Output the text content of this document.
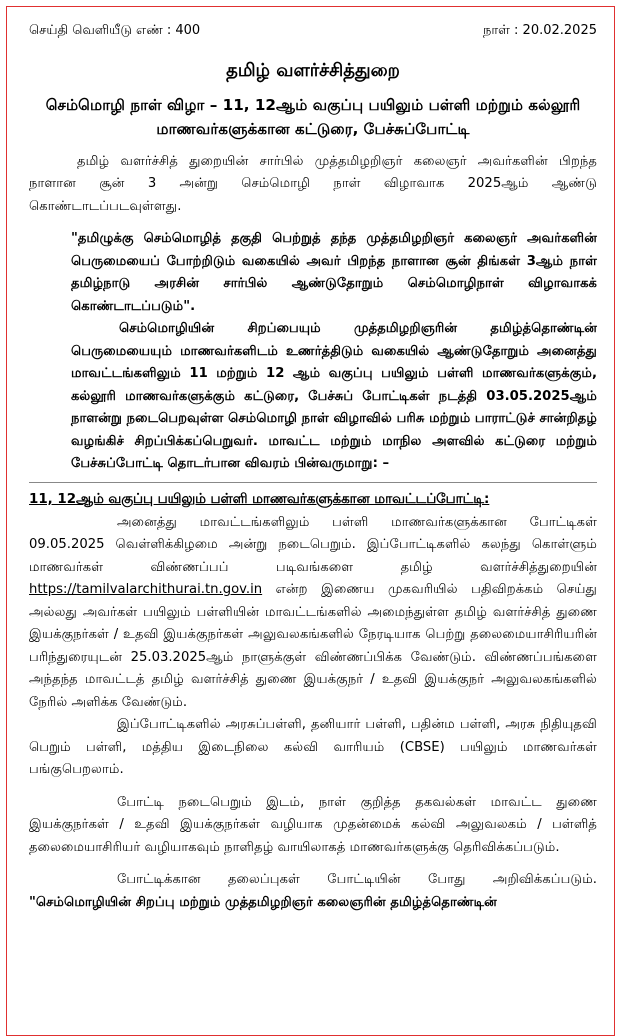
செய்தி வெளியீடு எண் : 400	நாள் : 20.02.2025
தமிழ் வளர்ச்சித்துறை
செம்மொழி நாள் விழா – 11, 12ஆம் வகுப்பு பயிலும் பள்ளி மற்றும் கல்லூரி மாணவர்களுக்கான கட்டுரை, பேச்சுப்போட்டி

தமிழ் வளர்ச்சித் துறையின் சார்பில் முத்தமிழறிஞர் கலைஞர் அவர்களின் பிறந்த நாளான சூன் 3 அன்று செம்மொழி நாள் விழாவாக 2025ஆம் ஆண்டு கொண்டாடப்படவுள்ளது.

"தமிழுக்கு செம்மொழித் தகுதி பெற்றுத் தந்த முத்தமிழறிஞர் கலைஞர் அவர்களின் பெருமையைப் போற்றிடும் வகையில் அவர் பிறந்த நாளான சூன் திங்கள் 3ஆம் நாள் தமிழ்நாடு அரசின் சார்பில் ஆண்டுதோறும் செம்மொழிநாள் விழாவாகக் கொண்டாடப்படும்".

செம்மொழியின் சிறப்பையும் முத்தமிழறிஞரின் தமிழ்த்தொண்டின் பெருமையையும் மாணவர்களிடம் உணர்த்திடும் வகையில் ஆண்டுதோறும் அனைத்து மாவட்டங்களிலும் 11 மற்றும் 12 ஆம் வகுப்பு பயிலும் பள்ளி மாணவர்களுக்கும், கல்லூரி மாணவர்களுக்கும் கட்டுரை, பேச்சுப் போட்டிகள் நடத்தி 03.05.2025ஆம் நாளன்று நடைபெறவுள்ள செம்மொழி நாள் விழாவில் பரிசு மற்றும் பாராட்டுச் சான்றிதழ் வழங்கிச் சிறப்பிக்கப்பெறுவர். மாவட்ட மற்றும் மாநில அளவில் கட்டுரை மற்றும் பேச்சுப்போட்டி தொடர்பான விவரம் பின்வருமாறு: –

11, 12ஆம் வகுப்பு பயிலும் பள்ளி மாணவர்களுக்கான மாவட்டப்போட்டி:

அனைத்து மாவட்டங்களிலும் பள்ளி மாணவர்களுக்கான போட்டிகள் 09.05.2025 வெள்ளிக்கிழமை அன்று நடைபெறும். இப்போட்டிகளில் கலந்து கொள்ளும் மாணவர்கள் விண்ணப்பப் படிவங்களை தமிழ் வளர்ச்சித்துறையின் https://tamilvalarchithurai.tn.gov.in என்ற இணைய முகவரியில் பதிவிறக்கம் செய்து அல்லது அவர்கள் பயிலும் பள்ளியின் மாவட்டங்களில் அமைந்துள்ள தமிழ் வளர்ச்சித் துணை இயக்குநர்கள் / உதவி இயக்குநர்கள் அலுவலகங்களில் நேரடியாக பெற்று தலைமையாசிரியரின் பரிந்துரையுடன் 25.03.2025ஆம் நாளுக்குள் விண்ணப்பிக்க வேண்டும். விண்ணப்பங்களை அந்தந்த மாவட்டத் தமிழ் வளர்ச்சித் துணை இயக்குநர் / உதவி இயக்குநர் அலுவலகங்களில் நேரில் அளிக்க வேண்டும்.

இப்போட்டிகளில் அரசுப்பள்ளி, தனியார் பள்ளி, பதின்ம பள்ளி, அரசு நிதியுதவி பெறும் பள்ளி, மத்திய இடைநிலை கல்வி வாரியம் (CBSE) பயிலும் மாணவர்கள் பங்குபெறலாம்.

போட்டி நடைபெறும் இடம், நாள் குறித்த தகவல்கள் மாவட்ட துணை இயக்குநர்கள் / உதவி இயக்குநர்கள் வழியாக முதன்மைக் கல்வி அலுவலகம் / பள்ளித் தலைமையாசிரியர் வழியாகவும் நாளிதழ் வாயிலாகத் மாணவர்களுக்கு தெரிவிக்கப்படும்.

போட்டிக்கான தலைப்புகள் போட்டியின் போது அறிவிக்கப்படும். "செம்மொழியின் சிறப்பு மற்றும் முத்தமிழறிஞர் கலைஞரின் தமிழ்த்தொண்டின்
